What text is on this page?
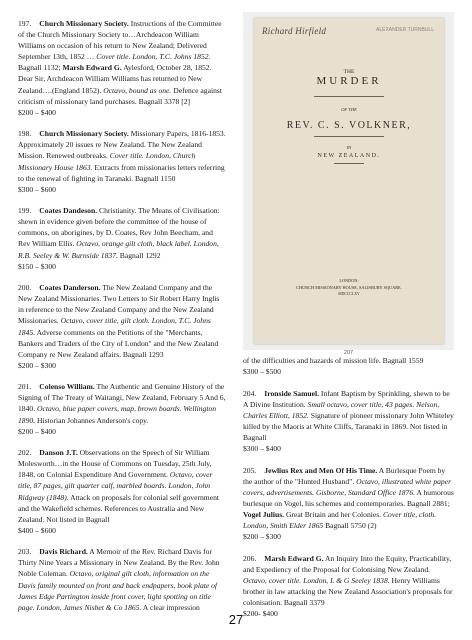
197. Church Missionary Society. Instructions of the Committee of the Church Missionary Society to…Archdeacon William Williams on occasion of his return to New Zealand; Delivered September 13th, 1852 … Cover title. London, T.C. Johns 1852. Bagnall 1132; Marsh Edward G. Aylesford, October 28, 1852. Dear Sir, Archdeacon William Williams has returned to New Zealand….(England 1852). Octavo, bound as one. Defence against criticism of missionary land purchases. Bagnall 3378 [2]
$200 – $400
198. Church Missionary Society. Missionary Papers, 1816-1853. Approximately 20 issues re New Zealand. The New Zealand Mission. Renewed outbreaks. Cover title. London, Church Missionary House 1863. Extracts from missionaries letters referring to the renewal of fighting in Taranaki. Bagnall 1150
$300 – $600
199. Coates Dandeson. Christianity. The Means of Civilisation: shewn in evidence given before the committee of the house of commons, on aborigines, by D. Coates, Rev John Beecham, and Rev William Ellis. Octavo, orange gilt cloth, black label. London, R.B. Seeley & W. Burnside 1837. Bagnall 1292
$150 – $300
200. Coates Danderson. The New Zealand Company and the New Zealand Missionaries. Two Letters to Sir Robert Harry Inglis in reference to the New Zealand Company and the New Zealand Missionaries. Octavo, cover title, gilt cloth. London, T.C. Johns 1845. Adverse comments on the Petitions of the "Merchants, Bankers and Traders of the City of London" and the New Zealand Company re New Zealand affairs. Bagnall 1293
$200 – $300
201. Colenso William. The Authentic and Genuine History of the Signing of The Treaty of Waitangi, New Zealand, February 5 And 6, 1840. Octavo, blue paper covers, map, brown boards. Wellington 1890. Historian Johannes Anderson's copy.
$200 – $400
202. Danson J.T. Observations on the Speech of Sir William Molesworth…in the House of Commons on Tuesday, 25th July, 1848, on Colonial Expenditure And Government. Octavo, cover title, 87 pages, gilt quarter calf, marbled boards. London, John Ridgway (1848). Attack on proposals for colonial self government and the Wakefield schemes. References to Australia and New Zealand. Not listed in Bagnall
$400 – $600
203. Davis Richard. A Memoir of the Rev. Richard Davis for Thirty Nine Years a Missionary in New Zealand. By the Rev. John Noble Coleman. Octavo, original gilt cloth, information on the Davis family mounted on front and back endpapers, book plate of James Edge Partington inside front cover, light spotting on title page. London, James Nisbet & Co 1865. A clear impression
Richard Hirfield	ALEXANDER TURNBULL
THE
MURDER
OF THE
REV. C. S. VOLKNER,
IN
NEW ZEALAND.
LONDON:
CHURCH MISSIONARY HOUSE, SALISBURY SQUARE.
MDCCCLXV
207
of the difficulties and hazards of mission life. Bagnall 1559
$300 – $500
204. Ironside Samuel. Infant Baptism by Sprinkling, shewn to be A Divine Institution. Small octavo, cover title, 43 pages. Nelson, Charles Elliott, 1852. Signature of pioneer missionary John Whiteley killed by the Maoris at White Cliffs, Taranaki in 1869. Not listed in Bagnall
$300 – $400
205. Jewlius Rex and Men Of His Time. A Burlesque Poem by the author of the "Hunted Husband". Octavo, illustrated white paper covers, advertisements. Gisborne, Standard Office 1876. A humorous burlesque on Vogel, his schemes and contemporaries. Bagnall 2881; Vogel Julius. Great Britain and her Colonies. Cover title, cloth. London, Smith Elder 1865 Bagnall 5750 (2)
$200 – $300
206. Marsh Edward G. An Inquiry Into the Equity, Practicability, and Expediency of the Proposal for Colonising New Zealand. Octavo, cover title. London, L & G Seeley 1838. Henry Williams brother in law attacking the New Zealand Association's proposals for colonisation. Bagnall 3379
$200- $400
27
